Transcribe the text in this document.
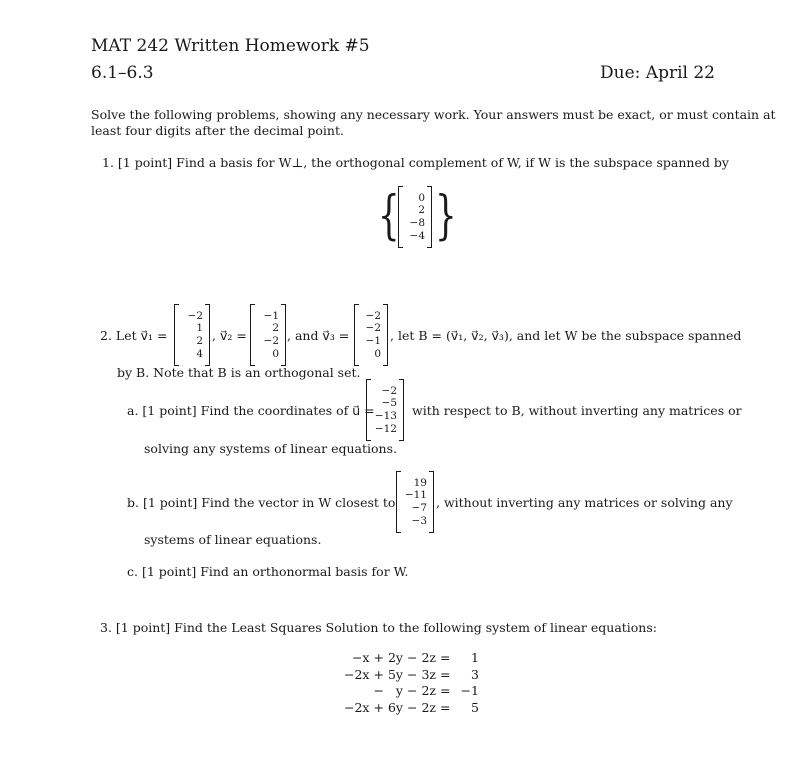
MAT 242 Written Homework #5
6.1–6.3	Due: April 22
Solve the following problems, showing any necessary work. Your answers must be exact, or must contain at
least four digits after the decimal point.
1. [1 point] Find a basis for W⊥, the orthogonal complement of W, if W is the subspace spanned by
{	0
2
−8
−4 }
2. Let v⃗₁ =
−2
1
2
4
, v⃗₂ =
−1
2
−2
0
, and v⃗₃ =
−2
−2
−1
0
, let B = (v⃗₁, v⃗₂, v⃗₃), and let W be the subspace spanned
by B. Note that B is an orthogonal set.
a. [1 point] Find the coordinates of u⃗ =
−2
−5
−13
−12
with respect to B, without inverting any matrices or
solving any systems of linear equations.
b. [1 point] Find the vector in W closest to
19
−11
−7
−3
, without inverting any matrices or solving any
systems of linear equations.
c. [1 point] Find an orthonormal basis for W.
3. [1 point] Find the Least Squares Solution to the following system of linear equations:
−x	+	2y	−	2z	=	1
−2x	+	5y	−	3z	=	3
	−	y	−	2z	=	−1
−2x	+	6y	−	2z	=	5
